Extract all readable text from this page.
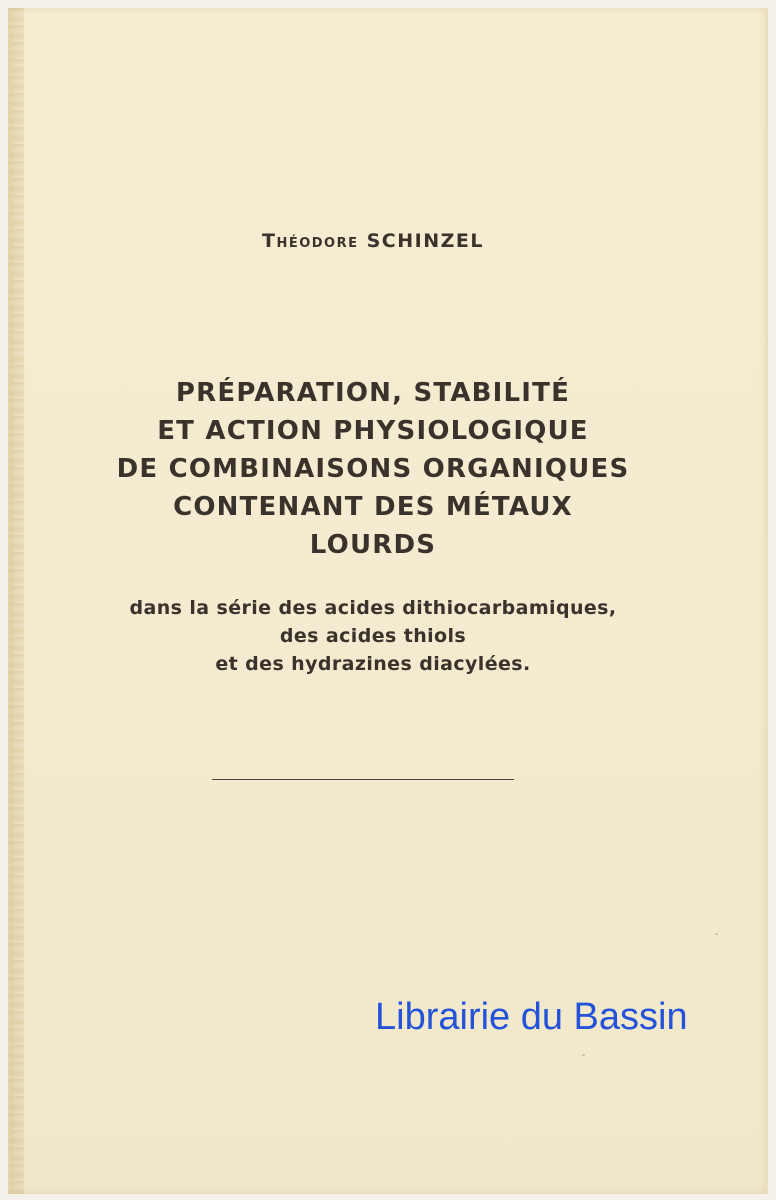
Théodore SCHINZEL
PRÉPARATION, STABILITÉ
ET ACTION PHYSIOLOGIQUE
DE COMBINAISONS ORGANIQUES
CONTENANT DES MÉTAUX
LOURDS
dans la série des acides dithiocarbamiques,
des acides thiols
et des hydrazines diacylées.
Librairie du Bassin
